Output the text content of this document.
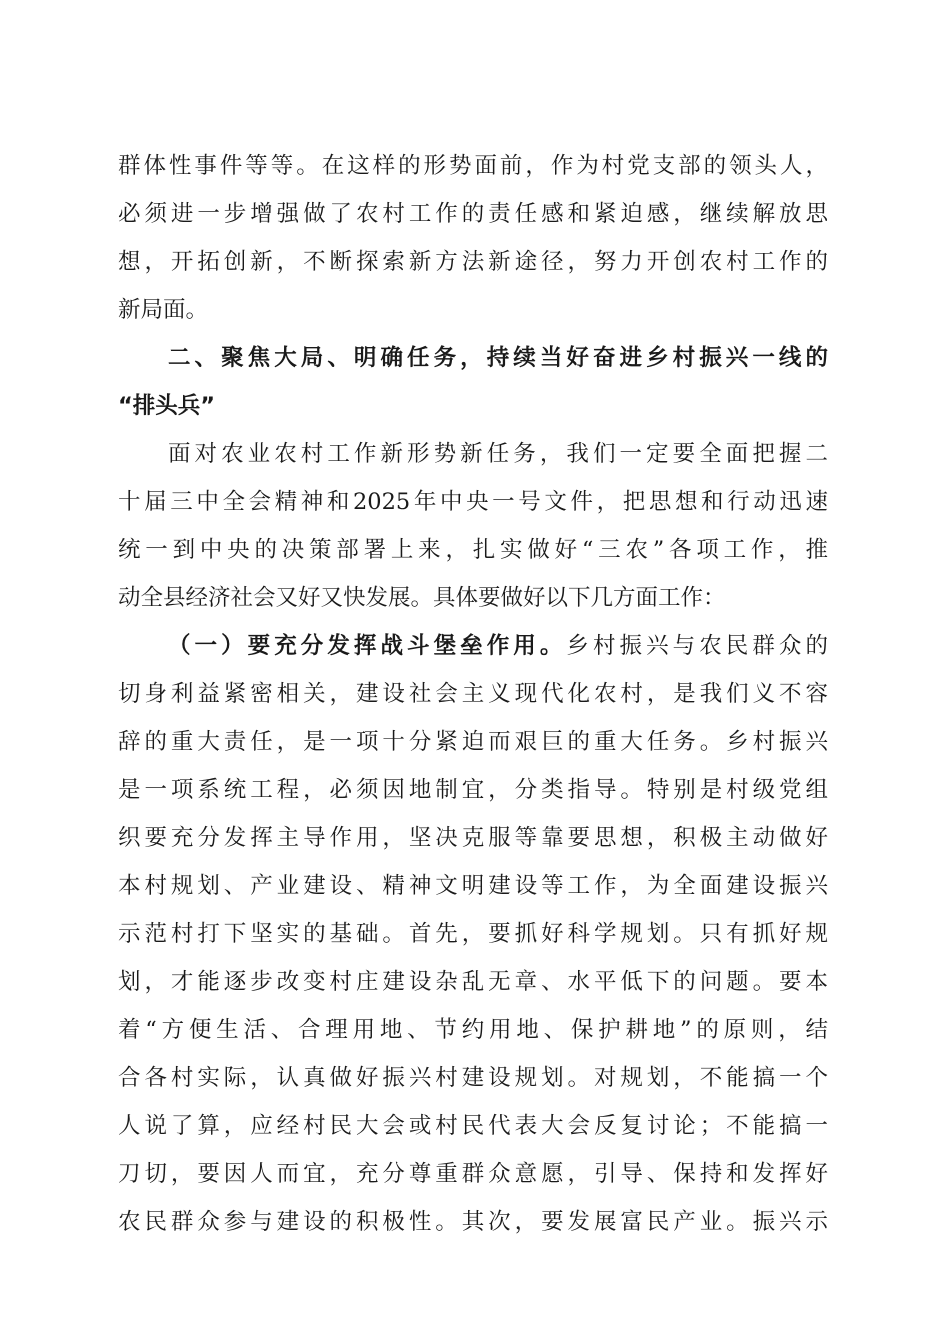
群体性事件等等。在这样的形势面前，作为村党支部的领头人，
必须进一步增强做了农村工作的责任感和紧迫感，继续解放思
想，开拓创新，不断探索新方法新途径，努力开创农村工作的
新局面。
二、聚焦大局、明确任务，持续当好奋进乡村振兴一线的
“排头兵”
面对农业农村工作新形势新任务，我们一定要全面把握二
十届三中全会精神和2025年中央一号文件，把思想和行动迅速
统一到中央的决策部署上来，扎实做好“三农”各项工作，推
动全县经济社会又好又快发展。具体要做好以下几方面工作：
（一）要充分发挥战斗堡垒作用。乡村振兴与农民群众的
切身利益紧密相关，建设社会主义现代化农村，是我们义不容
辞的重大责任，是一项十分紧迫而艰巨的重大任务。乡村振兴
是一项系统工程，必须因地制宜，分类指导。特别是村级党组
织要充分发挥主导作用，坚决克服等靠要思想，积极主动做好
本村规划、产业建设、精神文明建设等工作，为全面建设振兴
示范村打下坚实的基础。首先，要抓好科学规划。只有抓好规
划，才能逐步改变村庄建设杂乱无章、水平低下的问题。要本
着“方便生活、合理用地、节约用地、保护耕地”的原则，结
合各村实际，认真做好振兴村建设规划。对规划，不能搞一个
人说了算，应经村民大会或村民代表大会反复讨论；不能搞一
刀切，要因人而宜，充分尊重群众意愿，引导、保持和发挥好
农民群众参与建设的积极性。其次，要发展富民产业。振兴示
